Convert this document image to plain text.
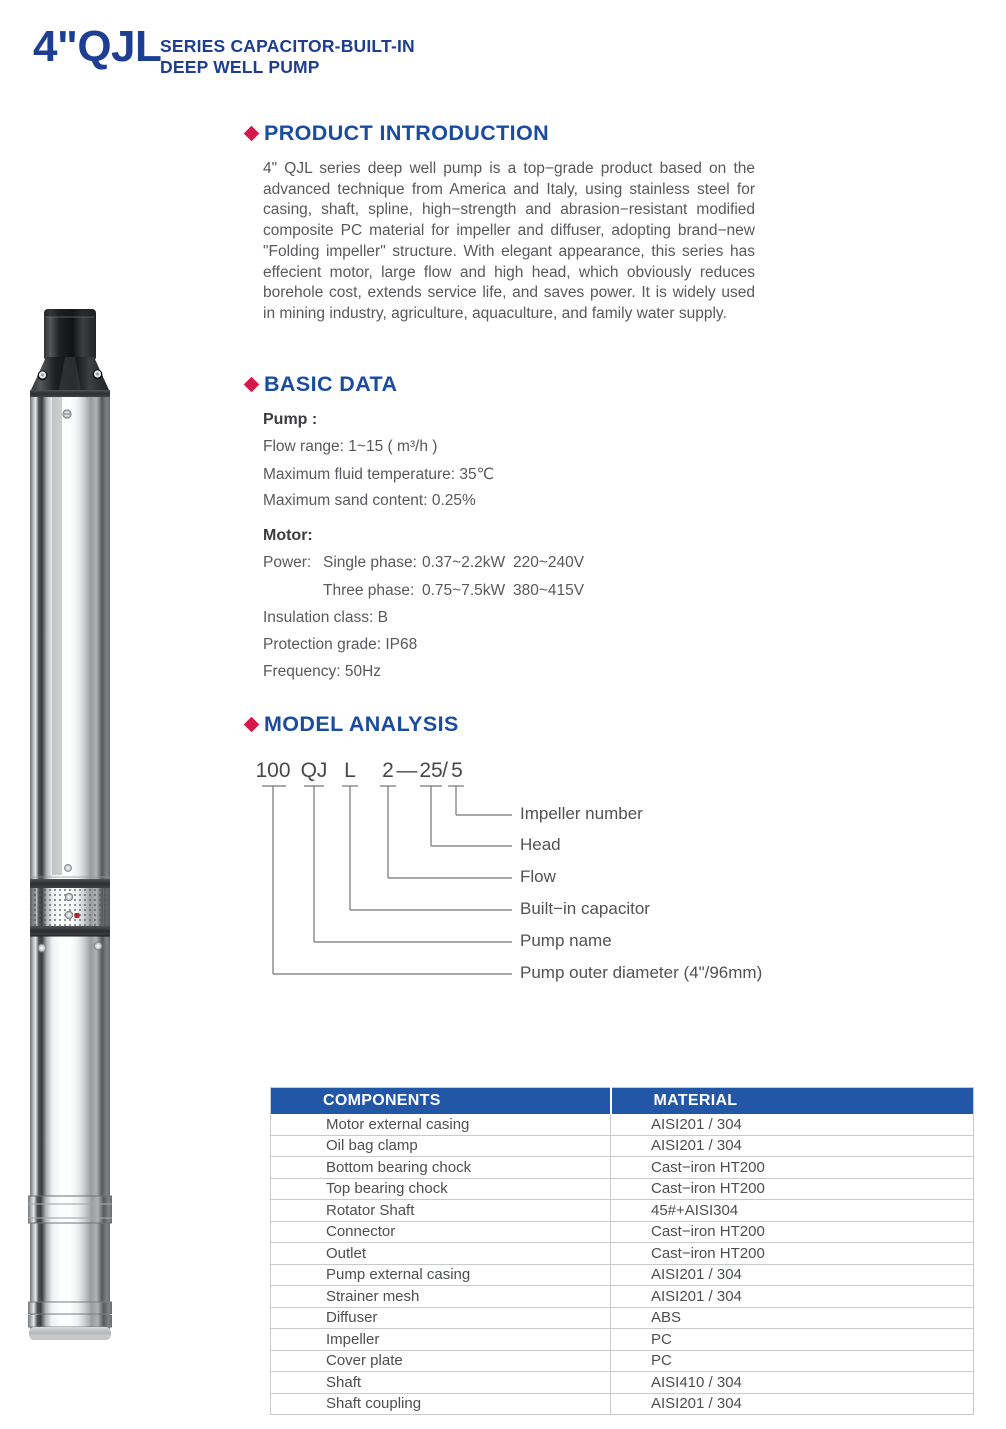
4"QJL
SERIES CAPACITOR-BUILT-IN
DEEP WELL PUMP
PRODUCT INTRODUCTION

4" QJL series deep well pump is a top−grade product based on the advanced technique from America and Italy, using stainless steel for casing, shaft, spline, high−strength and abrasion−resistant modified composite PC material for impeller and diffuser, adopting brand−new "Folding impeller" structure. With elegant appearance, this series has effecient motor, large flow and high head, which obviously reduces borehole cost, extends service life, and saves power. It is widely used in mining industry, agriculture, aquaculture, and family water supply.

BASIC DATA
Pump :
Flow range: 1~15 ( m³/h )
Maximum fluid temperature: 35℃
Maximum sand content: 0.25%
Motor:
Power: Single phase: 0.37~2.2kW 220~240V
Three phase: 0.75~7.5kW 380~415V
Insulation class: B
Protection grade: IP68
Frequency: 50Hz
MODEL ANALYSIS
100 QJ L 2 — 25 / 5
Impeller number
Head
Flow
Built−in capacitor
Pump name
Pump outer diameter (4"/96mm)
COMPONENTS	MATERIAL
Motor external casing	AISI201 / 304
Oil bag clamp	AISI201 / 304
Bottom bearing chock	Cast−iron HT200
Top bearing chock	Cast−iron HT200
Rotator Shaft	45#+AISI304
Connector	Cast−iron HT200
Outlet	Cast−iron HT200
Pump external casing	AISI201 / 304
Strainer mesh	AISI201 / 304
Diffuser	ABS
Impeller	PC
Cover plate	PC
Shaft	AISI410 / 304
Shaft coupling	AISI201 / 304
